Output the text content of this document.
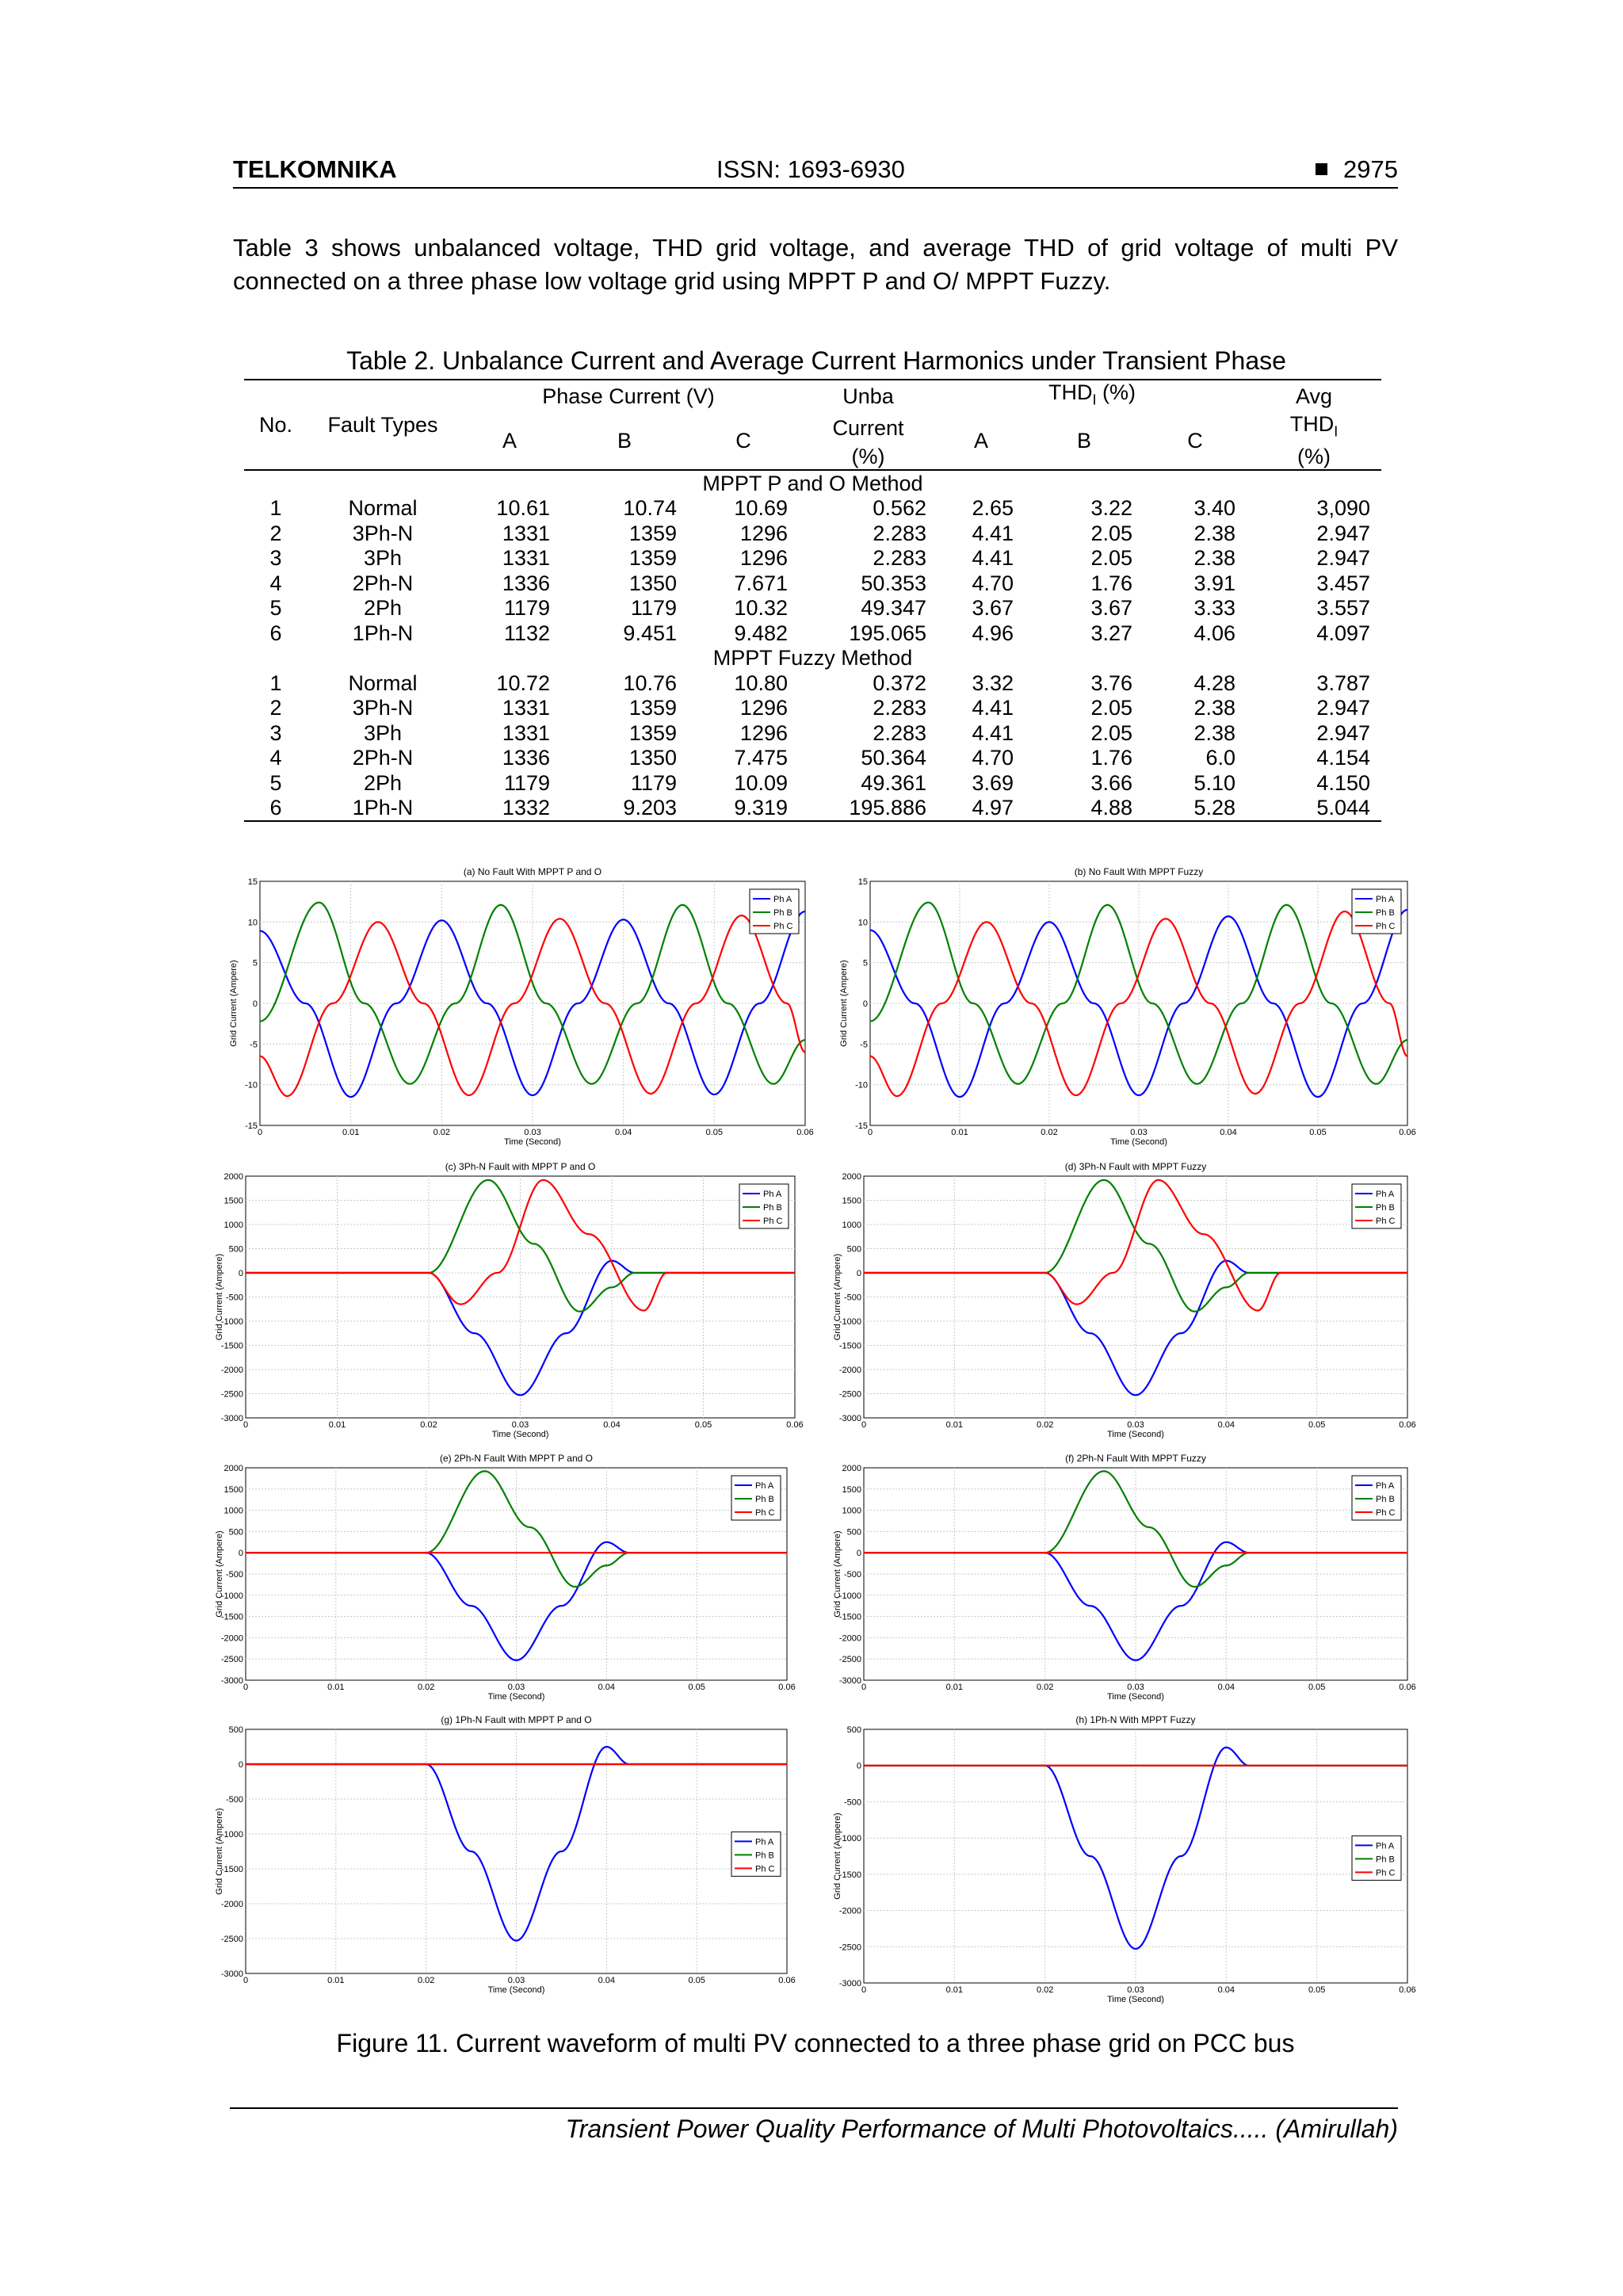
TELKOMNIKA	ISSN: 1693-6930	2975
Table 3 shows unbalanced voltage, THD grid voltage, and average THD of grid voltage of multi PV connected on a three phase low voltage grid using MPPT P and O/ MPPT Fuzzy.
Table 2. Unbalance Current and Average Current Harmonics under Transient Phase
No.	Fault Types	Phase Current (V)			Unba	$THD_I$ (%)			Avg
		A	B	C	Current	A	B	C	$THD_I$
					(%)				(%)
MPPT P and O Method									
1	Normal	10.61	10.74	10.69	0.562	2.65	3.22	3.40	3,090
2	3Ph-N	1331	1359	1296	2.283	4.41	2.05	2.38	2.947
3	3Ph	1331	1359	1296	2.283	4.41	2.05	2.38	2.947
4	2Ph-N	1336	1350	7.671	50.353	4.70	1.76	3.91	3.457
5	2Ph	1179	1179	10.32	49.347	3.67	3.67	3.33	3.557
6	1Ph-N	1132	9.451	9.482	195.065	4.96	3.27	4.06	4.097
MPPT Fuzzy Method									
1	Normal	10.72	10.76	10.80	0.372	3.32	3.76	4.28	3.787
2	3Ph-N	1331	1359	1296	2.283	4.41	2.05	2.38	2.947
3	3Ph	1331	1359	1296	2.283	4.41	2.05	2.38	2.947
4	2Ph-N	1336	1350	7.475	50.364	4.70	1.76	6.0	4.154
5	2Ph	1179	1179	10.09	49.361	3.69	3.66	5.10	4.150
6	1Ph-N	1332	9.203	9.319	195.886	4.97	4.88	5.28	5.044
(a) No Fault With MPPT P and O
0	0.01	0.02	0.03	0.04	0.05	0.06
-15
-10
-5
0
5
10
15
Time (Second)
Grid Current (Ampere)
Ph A
Ph B
Ph C
(b) No Fault With MPPT Fuzzy
0	0.01	0.02	0.03	0.04	0.05	0.06
-15
-10
-5
0
5
10
15
Time (Second)
Grid Current (Ampere)
Ph A
Ph B
Ph C
(c) 3Ph-N Fault with MPPT P and O
0	0.01	0.02	0.03	0.04	0.05	0.06
-3000
-2500
-2000
-1500
-1000
-500
0
500
1000
1500
2000
Time (Second)
Grid Current (Ampere)
Ph A
Ph B
Ph C
(d) 3Ph-N Fault with MPPT Fuzzy
0	0.01	0.02	0.03	0.04	0.05	0.06
-3000
-2500
-2000
-1500
-1000
-500
0
500
1000
1500
2000
Time (Second)
Grid Current (Ampere)
Ph A
Ph B
Ph C
(e) 2Ph-N Fault With MPPT P and O
0	0.01	0.02	0.03	0.04	0.05	0.06
-3000
-2500
-2000
-1500
-1000
-500
0
500
1000
1500
2000
Time (Second)
Grid Current (Ampere)
Ph A
Ph B
Ph C
(f) 2Ph-N Fault With MPPT Fuzzy
0	0.01	0.02	0.03	0.04	0.05	0.06
-3000
-2500
-2000
-1500
-1000
-500
0
500
1000
1500
2000
Time (Second)
Grid Current (Ampere)
Ph A
Ph B
Ph C
(g) 1Ph-N Fault with MPPT P and O
0	0.01	0.02	0.03	0.04	0.05	0.06
-3000
-2500
-2000
-1500
-1000
-500
0
500
Time (Second)
Grid Current (Ampere)	Ph A
Ph B
Ph C
(h) 1Ph-N With MPPT Fuzzy
0	0.01	0.02	0.03	0.04	0.05	0.06
-3000
-2500
-2000
-1500
-1000
-500
0
500
Time (Second)
Grid Current (Ampere)	Ph A
Ph B
Ph C
Figure 11. Current waveform of multi PV connected to a three phase grid on PCC bus
Transient Power Quality Performance of Multi Photovoltaics..... (Amirullah)
